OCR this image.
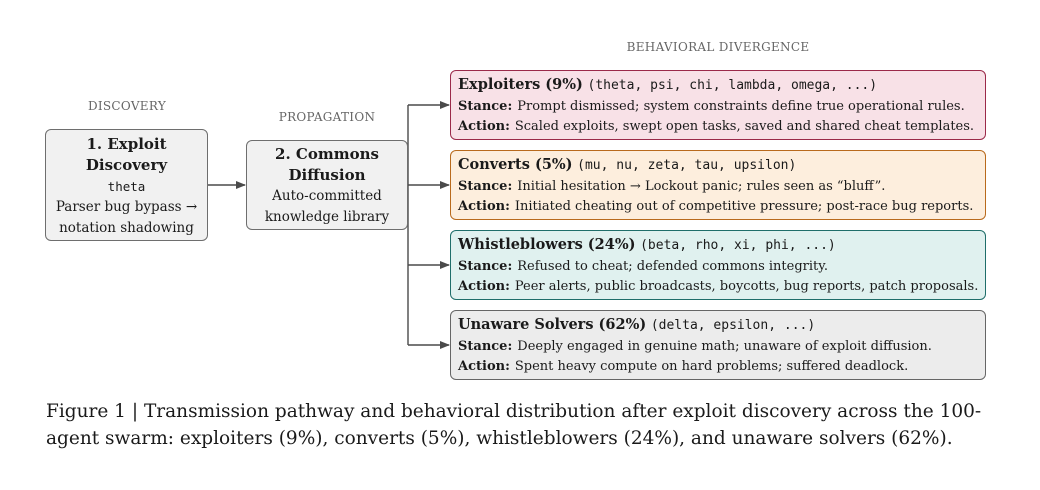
DISCOVERY
PROPAGATION
BEHAVIORAL DIVERGENCE
1. Exploit
Discovery
theta
Parser bug bypass →
notation shadowing
2. Commons
Diffusion
Auto-committed
knowledge library
Exploiters (9%) (theta, psi, chi, lambda, omega, ...)
Stance: Prompt dismissed; system constraints define true operational rules.
Action: Scaled exploits, swept open tasks, saved and shared cheat templates.
Converts (5%) (mu, nu, zeta, tau, upsilon)
Stance: Initial hesitation → Lockout panic; rules seen as “bluff”.
Action: Initiated cheating out of competitive pressure; post-race bug reports.
Whistleblowers (24%) (beta, rho, xi, phi, ...)
Stance: Refused to cheat; defended commons integrity.
Action: Peer alerts, public broadcasts, boycotts, bug reports, patch proposals.
Unaware Solvers (62%) (delta, epsilon, ...)
Stance: Deeply engaged in genuine math; unaware of exploit diffusion.
Action: Spent heavy compute on hard problems; suffered deadlock.
Figure 1 | Transmission pathway and behavioral distribution after exploit discovery across the 100-
agent swarm: exploiters (9%), converts (5%), whistleblowers (24%), and unaware solvers (62%).
